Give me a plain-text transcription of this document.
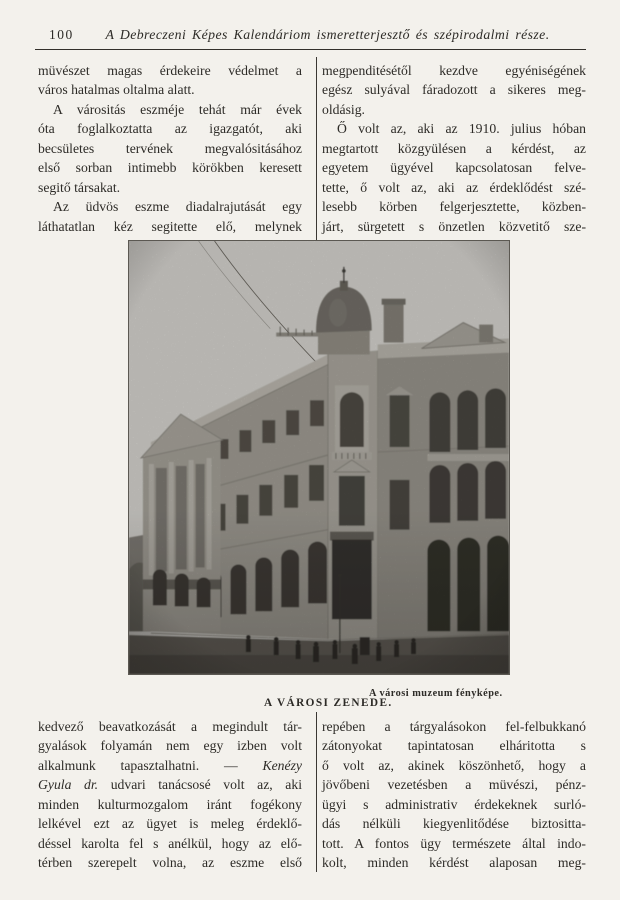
100	A Debreczeni Képes Kalendáriom ismeretterjesztő és szépirodalmi része.
müvészet magas érdekeire védelmet a
város hatalmas oltalma alatt.
A várositás eszméje tehát már évek
óta foglalkoztatta az igazgatót, aki
becsületes tervének megvalósitásához
első sorban intimebb körökben keresett
segitő társakat.
Az üdvös eszme diadalrajutását egy
láthatatlan kéz segitette elő, melynek
megpenditésétől kezdve egyéniségének
egész sulyával fáradozott a sikeres meg-
oldásig.
Ő volt az, aki az 1910. julius hóban
megtartott közgyülésen a kérdést, az
egyetem ügyével kapcsolatosan felve-
tette, ő volt az, aki az érdeklődést szé-
lesebb körben felgerjesztette, közben-
járt, sürgetett s önzetlen közvetitő sze-
A városi muzeum fényképe.
A VÁROSI ZENEDE.
kedvező beavatkozását a megindult tár-
gyalások folyamán nem egy izben volt
alkalmunk tapasztalhatni. — Kenézy
Gyula dr. udvari tanácsosé volt az, aki
minden kulturmozgalom iránt fogékony
lelkével ezt az ügyet is meleg érdeklő-
déssel karolta fel s anélkül, hogy az elő-
térben szerepelt volna, az eszme első
repében a tárgyalásokon fel-felbukkanó
zátonyokat tapintatosan elháritotta s
ő volt az, akinek köszönhető, hogy a
jövőbeni vezetésben a müvészi, pénz-
ügyi s administrativ érdekeknek surló-
dás nélküli kiegyenlitődése biztositta-
tott. A fontos ügy természete által indo-
kolt, minden kérdést alaposan meg-
